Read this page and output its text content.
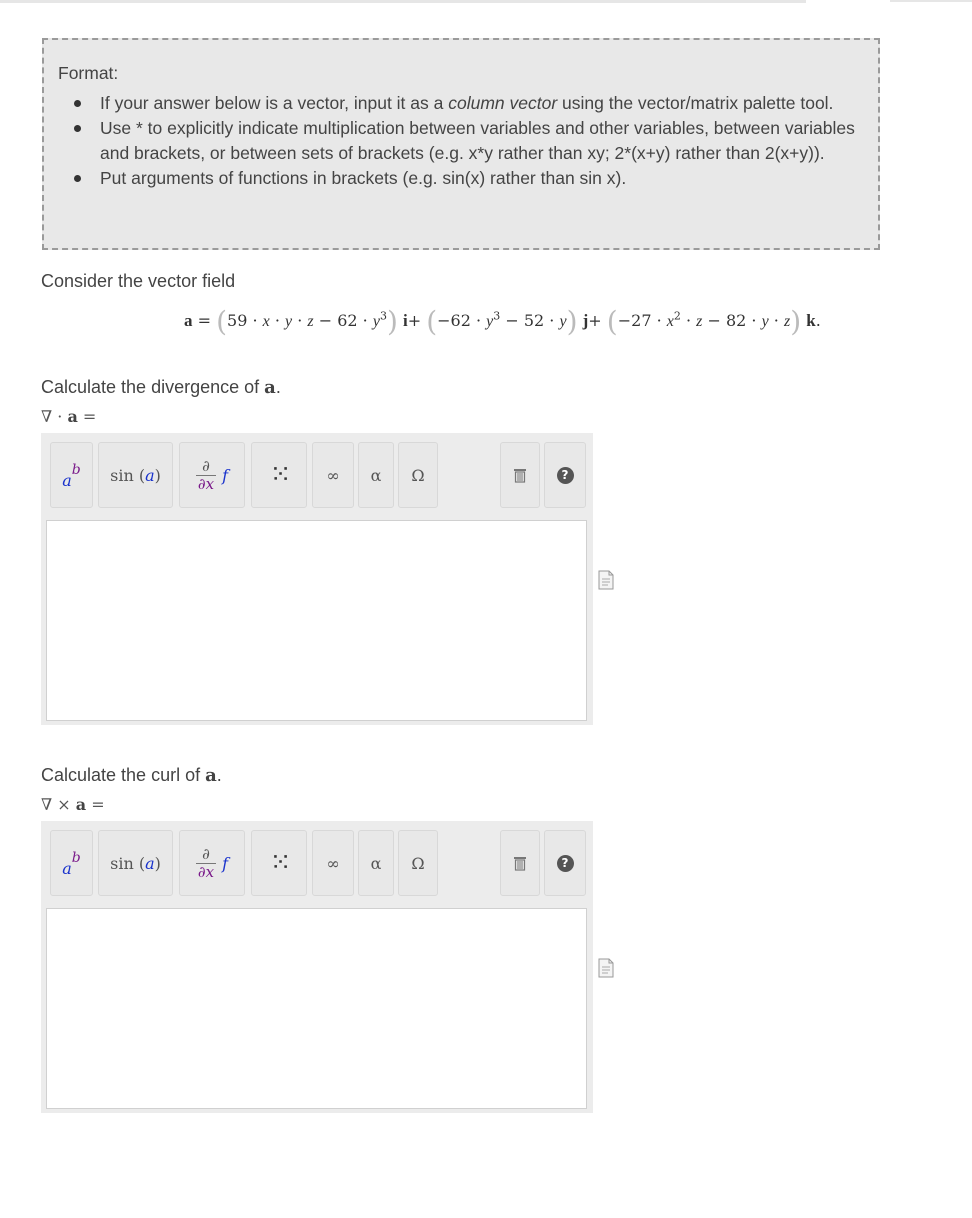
Format:
If your answer below is a vector, input it as a column vector using the vector/matrix palette tool.
Use * to explicitly indicate multiplication between variables and other variables, between variables and brackets, or between sets of brackets (e.g. x*y rather than xy; 2*(x+y) rather than 2(x+y)).
Put arguments of functions in brackets (e.g. sin(x) rather than sin x).
Consider the vector field
$a = (59 \cdot x \cdot y \cdot z - 62 \cdot y^3)$ $i+ (-62 \cdot y^3 - 52 \cdot y)$ $j+ (-27 \cdot x^2 \cdot z - 82 \cdot y \cdot z)$ k.
Calculate the divergence of a.
∇ · a =
a
b sin ( a )	∂
∂x f ⁙ ∞ α Ω	?
Calculate the curl of a.
∇ × a =
a
b sin ( a )	∂
∂x f ⁙ ∞ α Ω	?
